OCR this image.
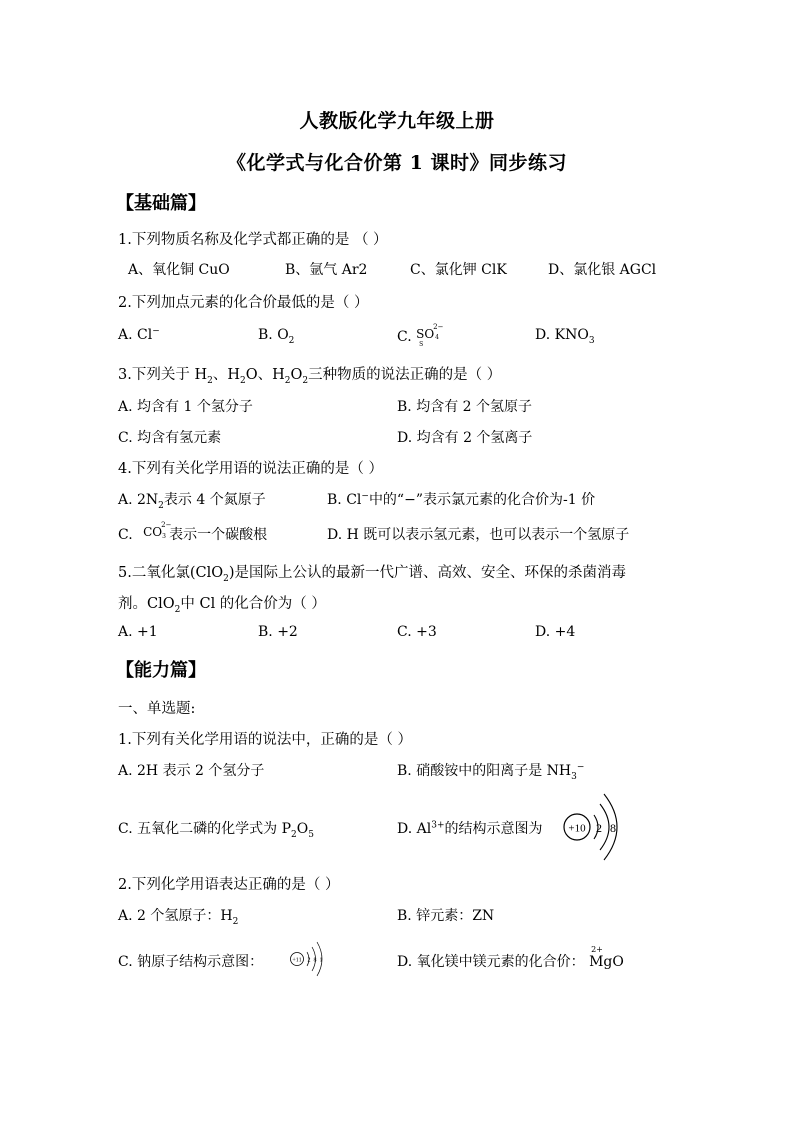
人教版化学九年级上册
《化学式与化合价第 1 课时》同步练习
【基础篇】
1.下列物质名称及化学式都正确的是 （ ）
A、氧化铜 CuO	B、氩气 Ar2	C、氯化钾 ClK	D、氯化银 AGCl
2.下列加点元素的化合价最低的是（ ）
A. Cl−	B. $O_2$	C. SO
2−
4
S
D. $KNO_3$
3.下列关于 $H_2$、$H_2O$、$H_2O_2$三种物质的说法正确的是（ ）
A. 均含有 1 个氢分子	B. 均含有 2 个氢原子
C. 均含有氢元素	D. 均含有 2 个氢离子
4.下列有关化学用语的说法正确的是（ ）
A. $2N_2$表示 4 个氮原子	B. Cl−中的“−”表示氯元素的化合价为-1 价
C. CO
2−
3 表示一个碳酸根	D. H 既可以表示氢元素，也可以表示一个氢原子
5.二氧化氯(ClO$_2$)是国际上公认的最新一代广谱、高效、安全、环保的杀菌消毒
剂。ClO$_2$中 Cl 的化合价为（ ）
A. +1	B. +2	C. +3	D. +4
【能力篇】
一、单选题:
1.下列有关化学用语的说法中，正确的是（ ）
A. 2H 表示 2 个氢分子	B. 硝酸铵中的阳离子是 $NH_3^-$
C. 五氧化二磷的化学式为 $P_2O_5$	D. $Al^{3+}$的结构示意图为 +10 2 8
2.下列化学用语表达正确的是（ ）
A. 2 个氢原子：$H_2$	B. 锌元素：ZN
C. 钠原子结构示意图：	+11 2 8 1	D. 氧化镁中镁元素的化合价：
2+
MgO
